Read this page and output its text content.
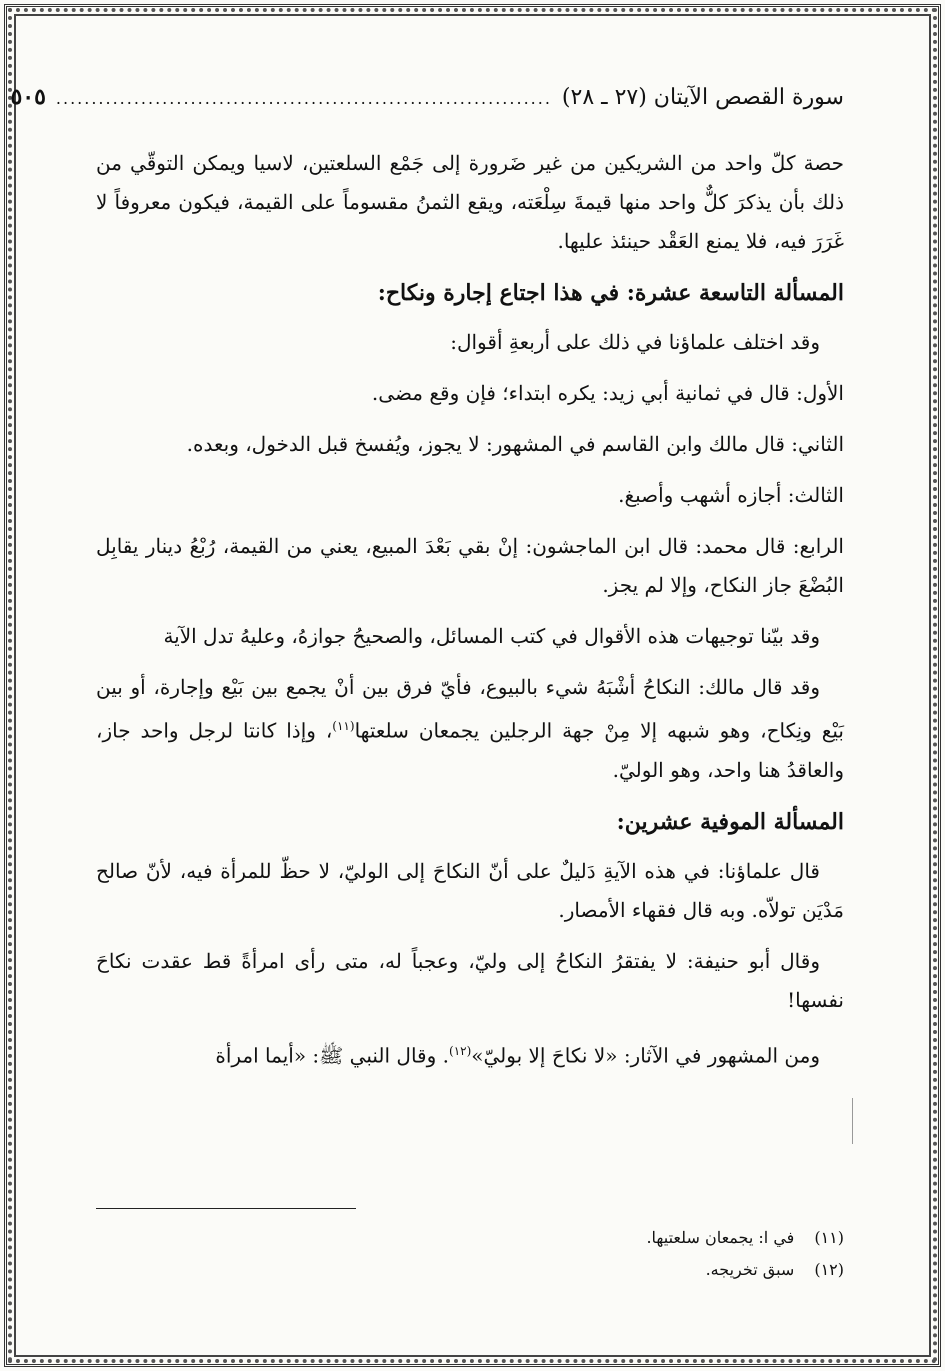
سورة القصص الآيتان (٢٧ ـ ٢٨)
......................................................................
٥٠٥

حصة كلّ واحد من الشريكين من غير ضَرورة إلى جَمْع السلعتين، لاسيا ويمكن التوقّي من ذلك بأن يذكرَ كلٌّ واحد منها قيمةَ سِلْعَته، ويقع الثمنُ مقسوماً على القيمة، فيكون معروفاً لا غَرَرَ فيه، فلا يمنع العَقْد حينئذ عليها.

المسألة التاسعة عشرة: في هذا اجتاع إجارة ونكاح:

وقد اختلف علماؤنا في ذلك على أربعةِ أقوال:

الأول: قال في ثمانية أبي زيد: يكره ابتداء؛ فإن وقع مضى.

الثاني: قال مالك وابن القاسم في المشهور: لا يجوز، ويُفسخ قبل الدخول، وبعده.

الثالث: أجازه أشهب وأصبغ.

الرابع: قال محمد: قال ابن الماجشون: إنْ بقي بَعْدَ المبيع، يعني من القيمة، رُبْعُ دينار يقابِل البُضْعَ جاز النكاح، وإلا لم يجز.

وقد بيّنا توجيهات هذه الأقوال في كتب المسائل، والصحيحُ جوازهُ، وعليهُ تدل الآية

وقد قال مالك: النكاحُ أشْبَهُ شيء بالبيوع، فأيّ فرق بين أنْ يجمع بين بَيْع وإجارة، أو بين بَيْع ونِكاح، وهو شبهه إلا مِنْ جهة الرجلين يجمعان سلعتها$^{(١١)}$، وإذا كانتا لرجل واحد جاز، والعاقدُ هنا واحد، وهو الوليّ.

المسألة الموفية عشرين:

قال علماؤنا: في هذه الآيةِ دَليلٌ على أنّ النكاحَ إلى الوليّ، لا حظّ للمرأة فيه، لأنّ صالح مَدْيَن تولاّه. وبه قال فقهاء الأمصار.

وقال أبو حنيفة: لا يفتقرُ النكاحُ إلى وليّ، وعجباً له، متى رأى امرأةً قط عقدت نكاحَ نفسها!

ومن المشهور في الآثار: «لا نكاحَ إلا بوليّ»$^{(١٢)}$. وقال النبي ﷺ: «أيما امرأة

(١١)
في ا: يجمعان سلعتيها.
(١٢)
سبق تخريجه.
